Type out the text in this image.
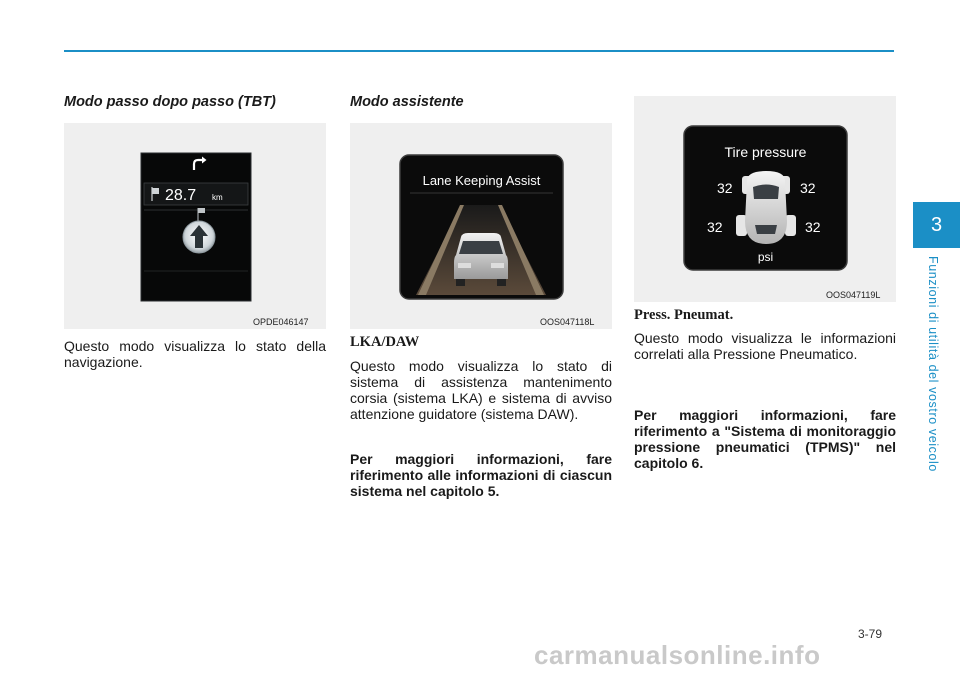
3
Funzioni di utilità del vostro veicolo
Modo passo dopo passo (TBT)
28.7 km
OPDE046147
Questo modo visualizza lo stato della navigazione.
Modo assistente
Lane Keeping Assist
OOS047118L
LKA/DAW
Questo modo visualizza lo stato di sistema di assistenza mantenimento corsia (sistema LKA) e sistema di avviso attenzione guidatore (sistema DAW).
Per maggiori informazioni, fare riferimento alle informazioni di ciascun sistema nel capitolo 5.
Tire pressure
32	32
32	32
psi
OOS047119L
Press. Pneumat.
Questo modo visualizza le informazioni correlati alla Pressione Pneumatico.
Per maggiori informazioni, fare riferimento a "Sistema di monitoraggio pressione pneumatici (TPMS)" nel capitolo 6.
3-79
carmanualsonline.info
